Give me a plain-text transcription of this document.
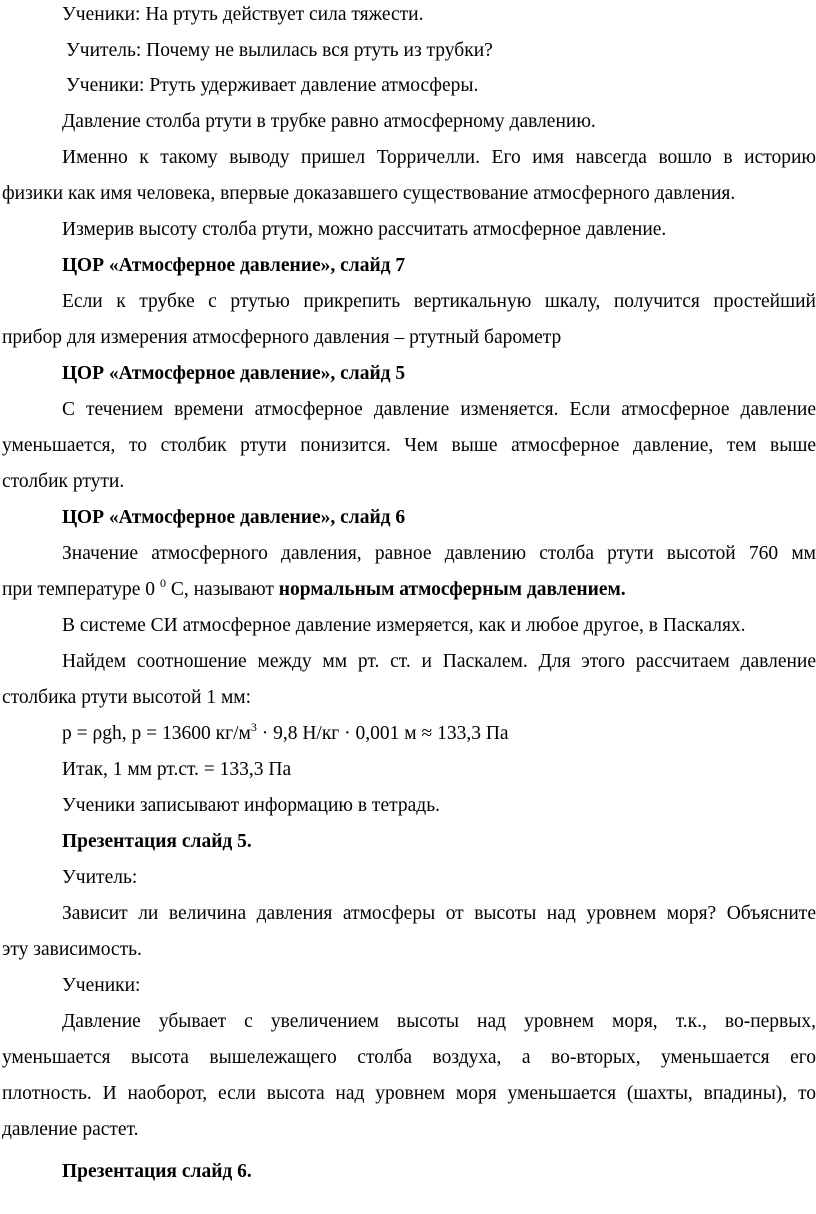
Ученики: На ртуть действует сила тяжести.
Учитель: Почему не вылилась вся ртуть из трубки?
Ученики: Ртуть удерживает давление атмосферы.
Давление столба ртути в трубке равно атмосферному давлению.
Именно к такому выводу пришел Торричелли. Его имя навсегда вошло в историю
физики как имя человека, впервые доказавшего существование атмосферного давления.
Измерив высоту столба ртути, можно рассчитать атмосферное давление.
ЦОР «Атмосферное давление», слайд 7
Если к трубке с ртутью прикрепить вертикальную шкалу, получится простейший
прибор для измерения атмосферного давления – ртутный барометр
ЦОР «Атмосферное давление», слайд 5
С течением времени атмосферное давление изменяется. Если атмосферное давление
уменьшается, то столбик ртути понизится. Чем выше атмосферное давление, тем выше
столбик ртути.
ЦОР «Атмосферное давление», слайд 6
Значение атмосферного давления, равное давлению столба ртути высотой 760 мм
при температуре 0 $^0$ С, называют нормальным атмосферным давлением.
В системе СИ атмосферное давление измеряется, как и любое другое, в Паскалях.
Найдем соотношение между мм рт. ст. и Паскалем. Для этого рассчитаем давление
столбика ртути высотой 1 мм:
p = ρgh, p = 13600 $кг/м^3 \cdot 9,8$ Н/кг · 0,001 м ≈ 133,3 Па
Итак, 1 мм рт.ст. = 133,3 Па
Ученики записывают информацию в тетрадь.
Презентация слайд 5.
Учитель:
Зависит ли величина давления атмосферы от высоты над уровнем моря? Объясните
эту зависимость.
Ученики:
Давление убывает с увеличением высоты над уровнем моря, т.к., во-первых,
уменьшается высота вышележащего столба воздуха, а во-вторых, уменьшается его
плотность. И наоборот, если высота над уровнем моря уменьшается (шахты, впадины), то
давление растет.
Презентация слайд 6.
